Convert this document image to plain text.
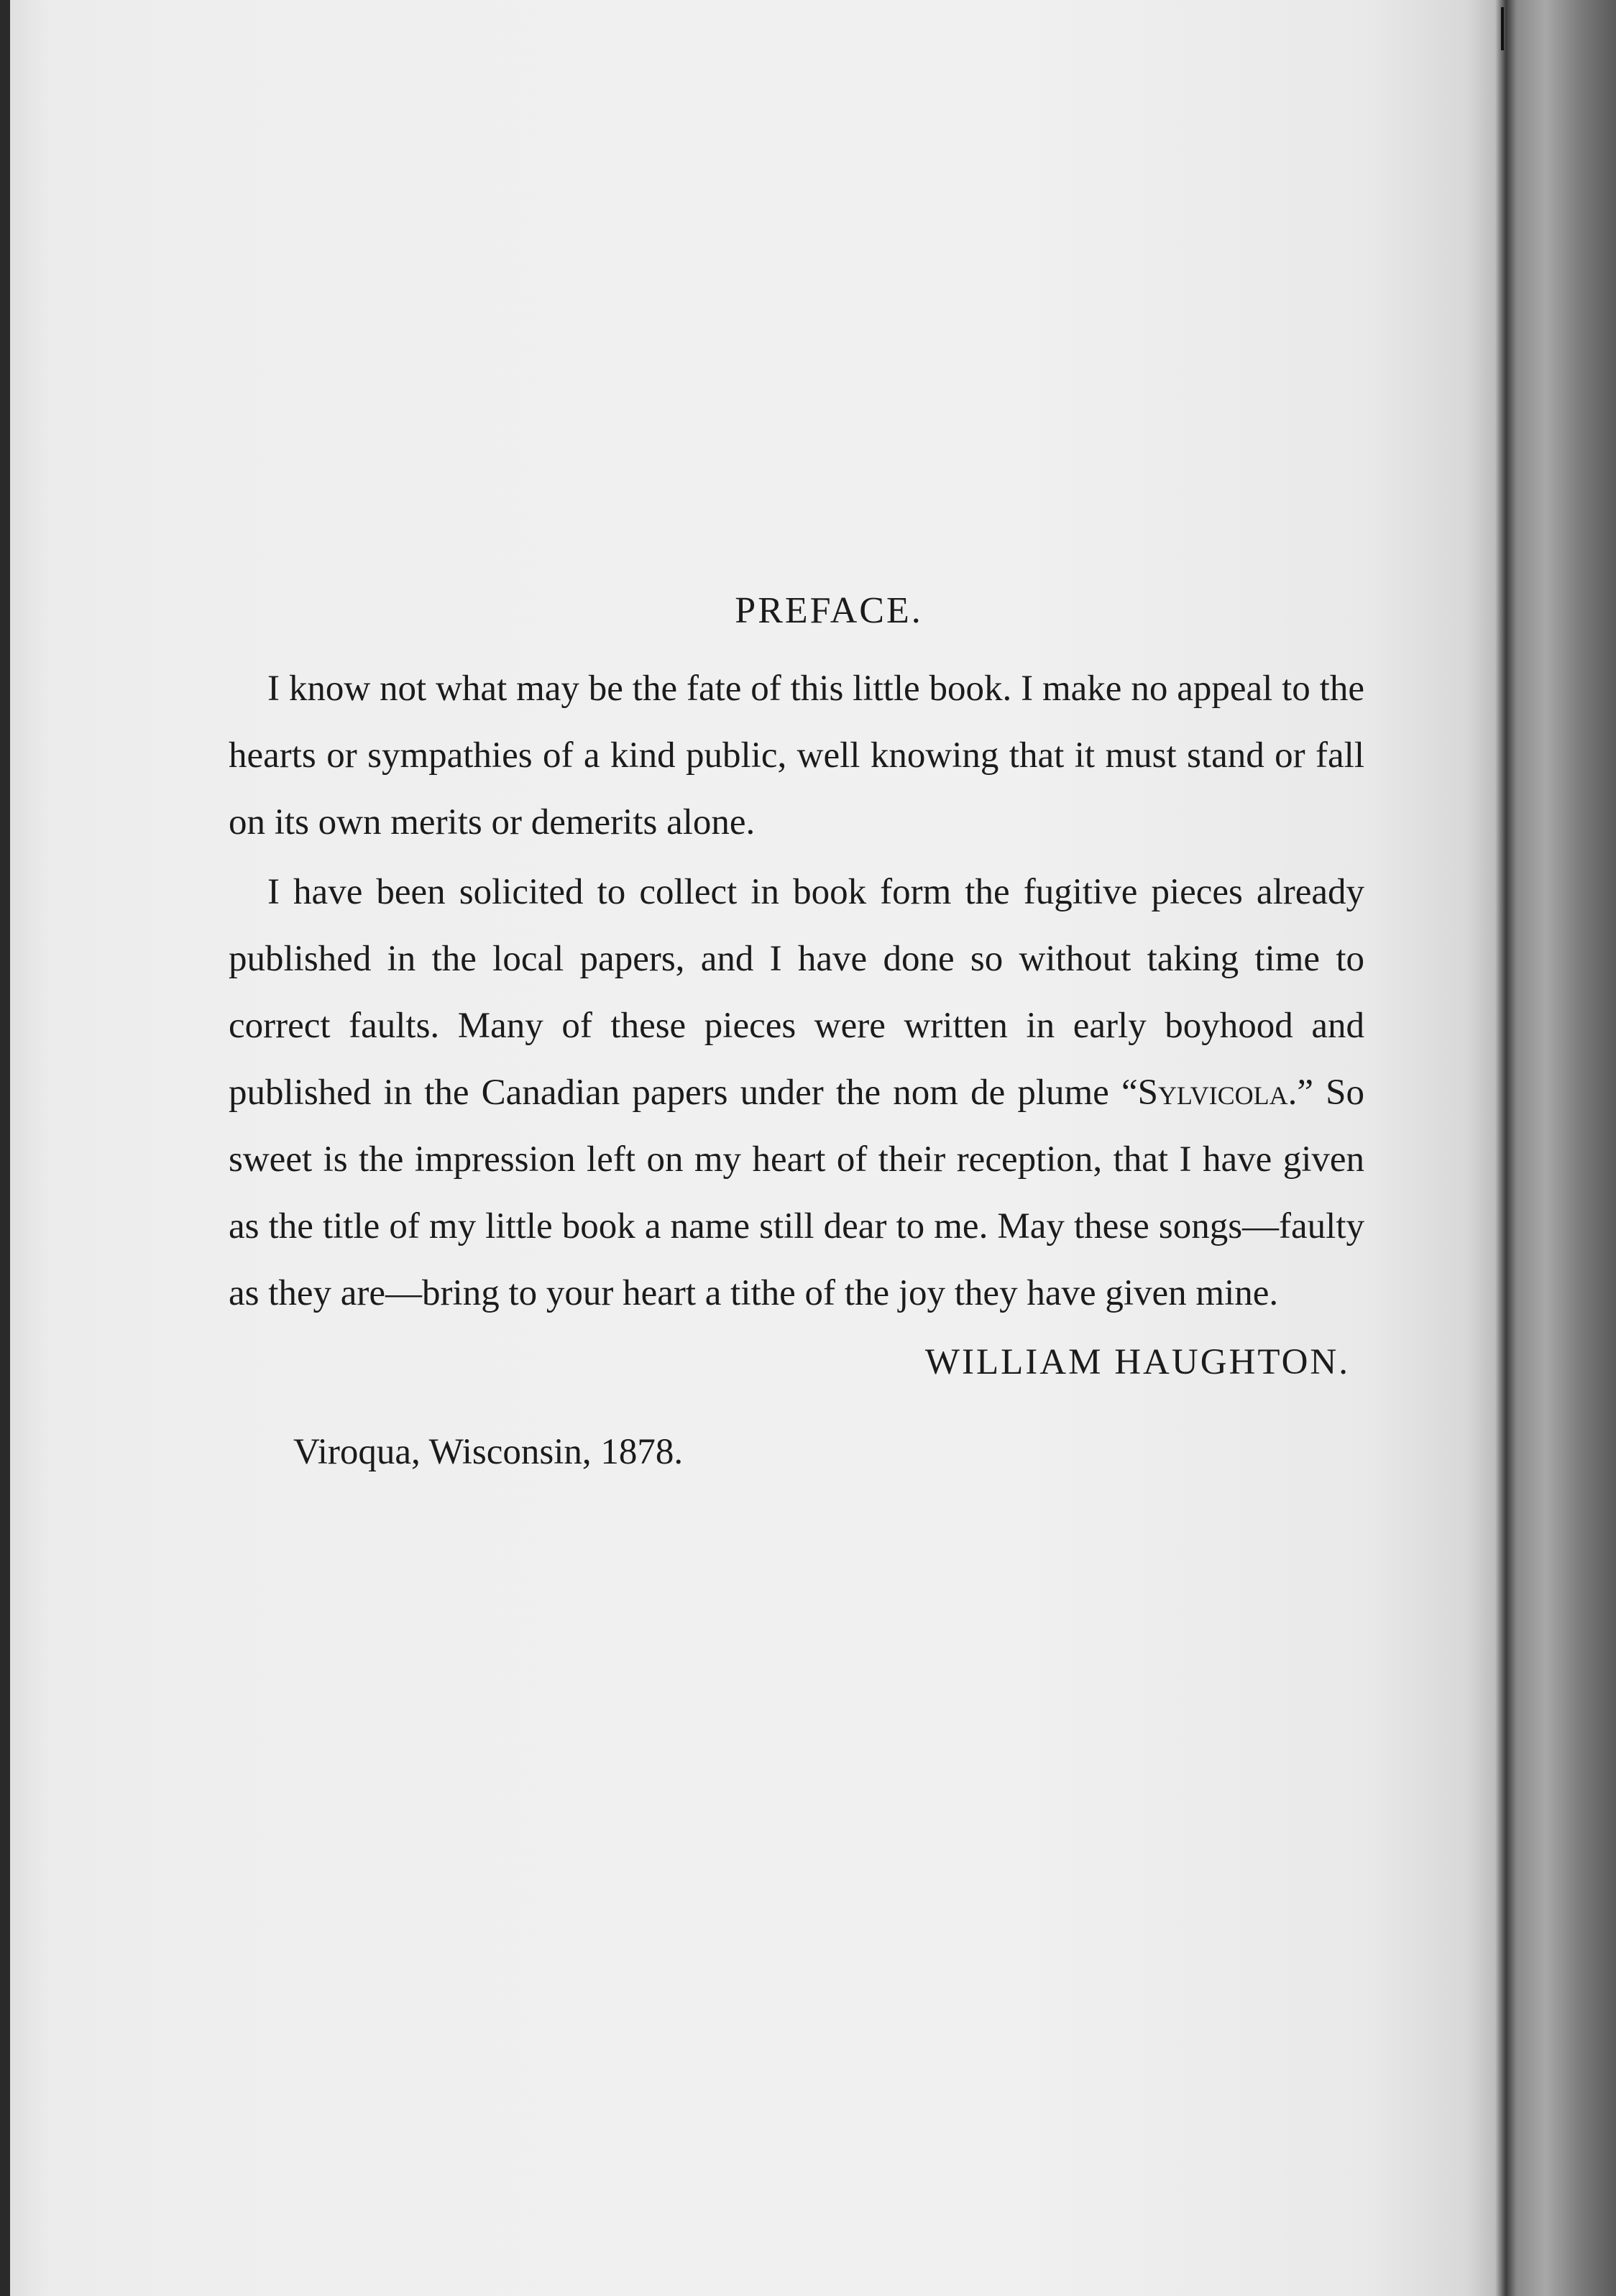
PREFACE.

I know not what may be the fate of this little book. I make no appeal to the hearts or sympathies of a kind public, well knowing that it must stand or fall on its own merits or demerits alone.

I have been solicited to collect in book form the fugitive pieces already published in the local papers, and I have done so without taking time to correct faults. Many of these pieces were written in early boyhood and published in the Canadian papers under the nom de plume “Sylvicola.” So sweet is the impression left on my heart of their reception, that I have given as the title of my little book a name still dear to me. May these songs—faulty as they are—bring to your heart a tithe of the joy they have given mine.

WILLIAM HAUGHTON.
Viroqua, Wisconsin, 1878.
